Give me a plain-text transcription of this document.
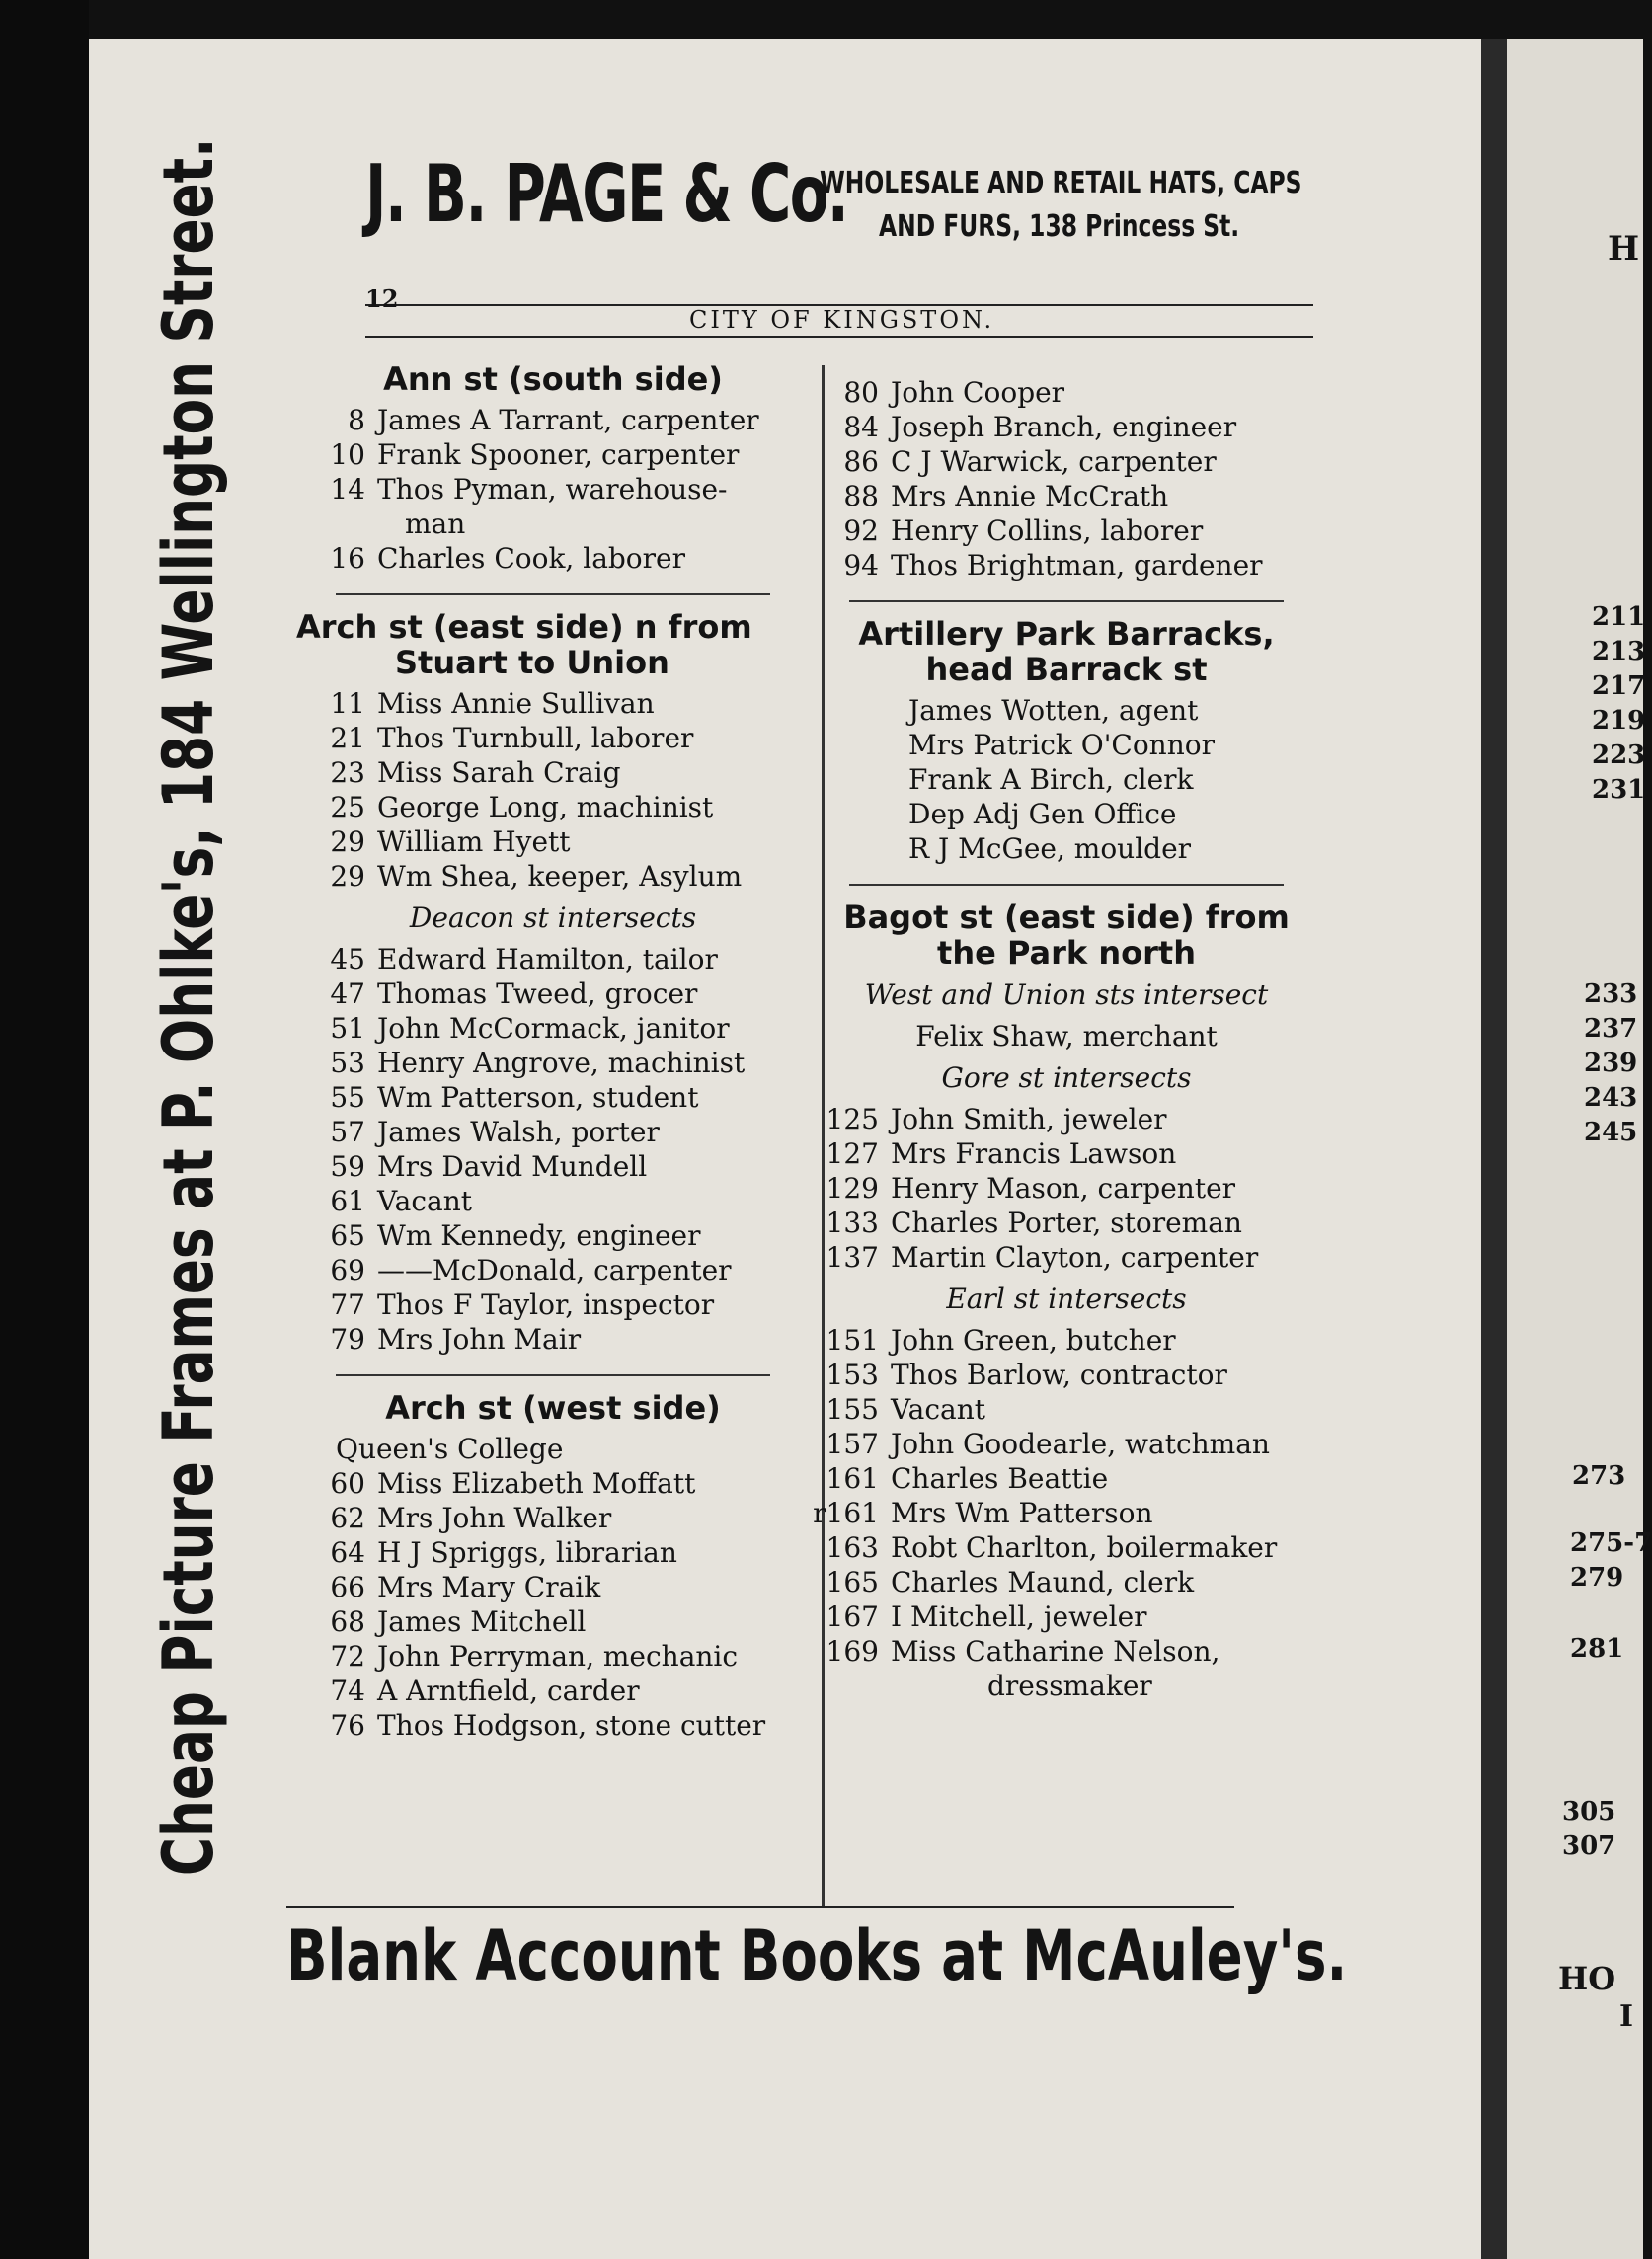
J. B. PAGE & Co.
WHOLESALE AND RETAIL HATS, CAPS
AND FURS, 138 Princess St.
12
CITY OF KINGSTON.
Cheap Picture Frames at P. Ohlke's, 184 Wellington Street.	Ann st (south side)
8 James A Tarrant, carpenter
10 Frank Spooner, carpenter
14 Thos Pyman, warehouse-
man
16 Charles Cook, laborer
Arch st (east side) n from
Stuart to Union
11 Miss Annie Sullivan
21 Thos Turnbull, laborer
23 Miss Sarah Craig
25 George Long, machinist
29 William Hyett
29 Wm Shea, keeper, Asylum
Deacon st intersects
45 Edward Hamilton, tailor
47 Thomas Tweed, grocer
51 John McCormack, janitor
53 Henry Angrove, machinist
55 Wm Patterson, student
57 James Walsh, porter
59 Mrs David Mundell
61 Vacant
65 Wm Kennedy, engineer
69 ——McDonald, carpenter
77 Thos F Taylor, inspector
79 Mrs John Mair
Arch st (west side)
Queen's College
60 Miss Elizabeth Moffatt
62 Mrs John Walker
64 H J Spriggs, librarian
66 Mrs Mary Craik
68 James Mitchell
72 John Perryman, mechanic
74 A Arntfield, carder
76 Thos Hodgson, stone cutter
80 John Cooper
84 Joseph Branch, engineer
86 C J Warwick, carpenter
88 Mrs Annie McCrath
92 Henry Collins, laborer
94 Thos Brightman, gardener
Artillery Park Barracks,
head Barrack st
James Wotten, agent
Mrs Patrick O'Connor
Frank A Birch, clerk
Dep Adj Gen Office
R J McGee, moulder
Bagot st (east side) from
the Park north
West and Union sts intersect
Felix Shaw, merchant
Gore st intersects
125 John Smith, jeweler
127 Mrs Francis Lawson
129 Henry Mason, carpenter
133 Charles Porter, storeman
137 Martin Clayton, carpenter
Earl st intersects
151 John Green, butcher
153 Thos Barlow, contractor
155 Vacant
157 John Goodearle, watchman
161 Charles Beattie
r161 Mrs Wm Patterson
163 Robt Charlton, boilermaker
165 Charles Maund, clerk
167 I Mitchell, jeweler
169 Miss Catharine Nelson,
dressmaker
Blank Account Books at McAuley's.
H
211
213
217
219
223
231
233
237
239
243
245
273
275-7
279
281
305
307
HO
I
